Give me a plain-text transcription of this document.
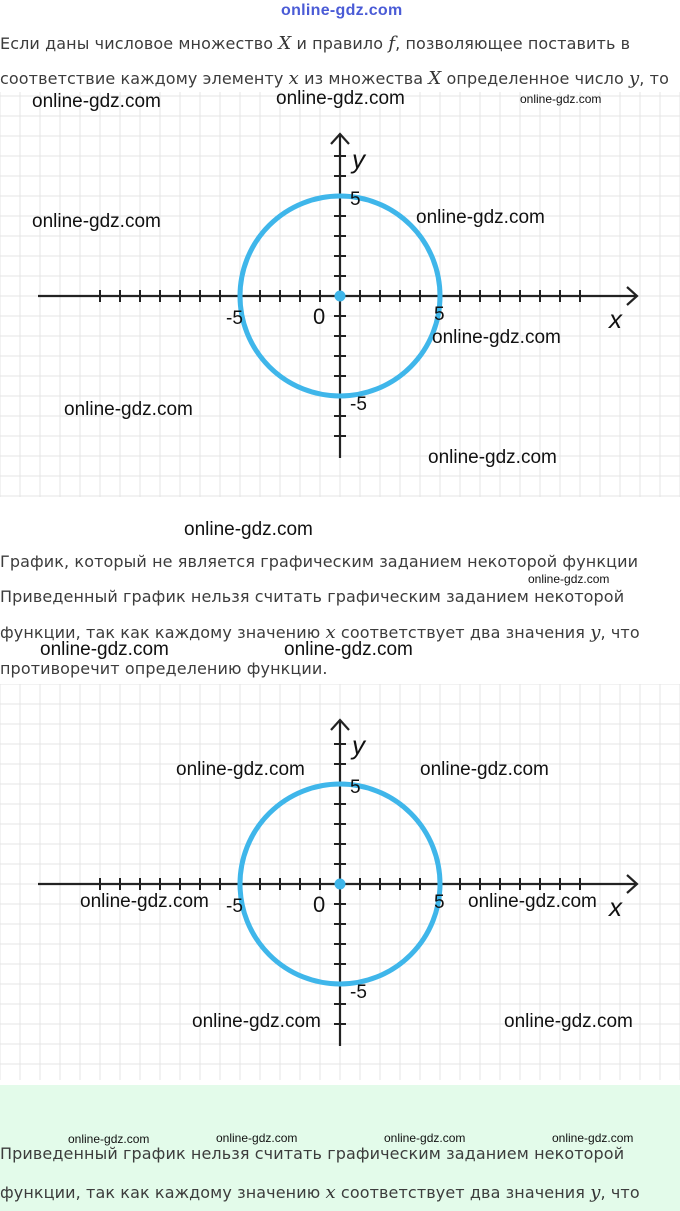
online-gdz.com
Если даны числовое множество X и правило f, позволяющее поставить в
соответствие каждому элементу x из множества X определенное число y, то
-5	5
5
-5
0	x
y
График, который не является графическим заданием некоторой функции
Приведенный график нельзя считать графическим заданием некоторой
функции, так как каждому значению x соответствует два значения y, что
противоречит определению функции.
-5	5
5
-5
0	x
y
Приведенный график нельзя считать графическим заданием некоторой
функции, так как каждому значению x соответствует два значения y, что
online-gdz.com	online-gdz.com	online-gdz.com
online-gdz.com	online-gdz.com
online-gdz.com
online-gdz.com
online-gdz.com
online-gdz.com
online-gdz.com
online-gdz.com	online-gdz.com
online-gdz.com	online-gdz.com
online-gdz.com	online-gdz.com
online-gdz.com	online-gdz.com
online-gdz.com	online-gdz.com	online-gdz.com	online-gdz.com
